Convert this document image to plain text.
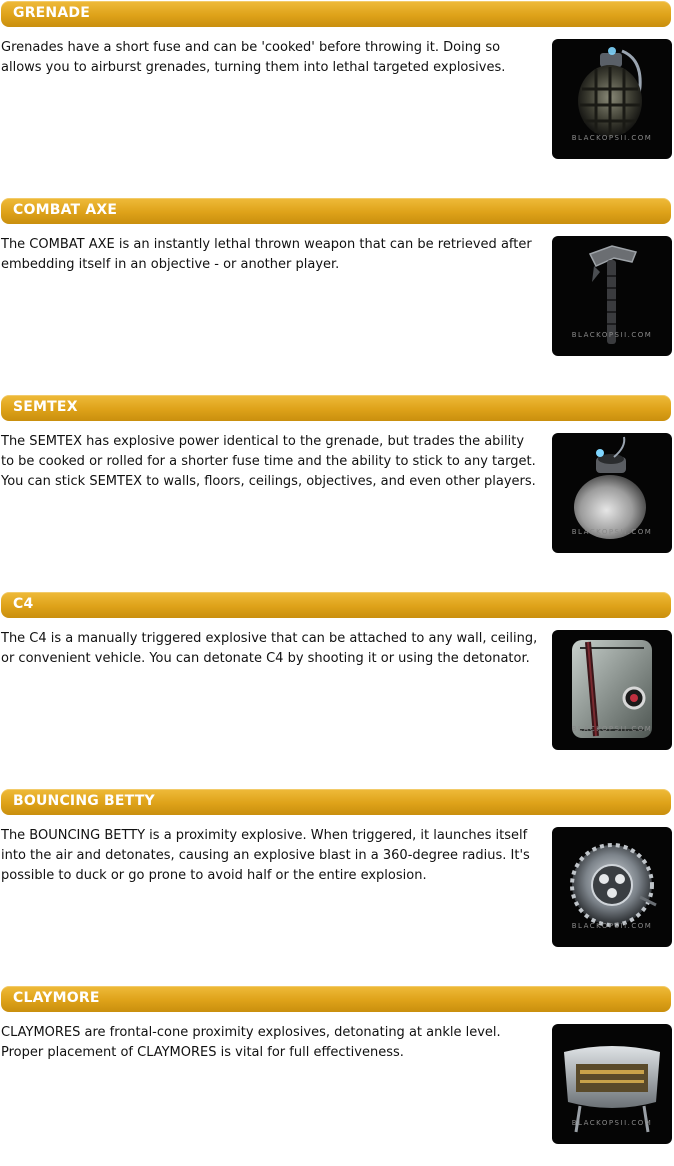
GRENADE

Grenades have a short fuse and can be 'cooked' before throwing it. Doing so allows you to airburst grenades, turning them into lethal targeted explosives.

BLACKOPSII.COM
COMBAT AXE

The COMBAT AXE is an instantly lethal thrown weapon that can be retrieved after embedding itself in an objective - or another player.

BLACKOPSII.COM
SEMTEX

The SEMTEX has explosive power identical to the grenade, but trades the ability to be cooked or rolled for a shorter fuse time and the ability to stick to any target. You can stick SEMTEX to walls, floors, ceilings, objectives, and even other players.

BLACKOPSII.COM
C4

The C4 is a manually triggered explosive that can be attached to any wall, ceiling, or convenient vehicle. You can detonate C4 by shooting it or using the detonator.

BLACKOPSII.COM
BOUNCING BETTY

The BOUNCING BETTY is a proximity explosive. When triggered, it launches itself into the air and detonates, causing an explosive blast in a 360-degree radius. It's possible to duck or go prone to avoid half or the entire explosion.

BLACKOPSII.COM
CLAYMORE

CLAYMORES are frontal-cone proximity explosives, detonating at ankle level. Proper placement of CLAYMORES is vital for full effectiveness.

BLACKOPSII.COM
